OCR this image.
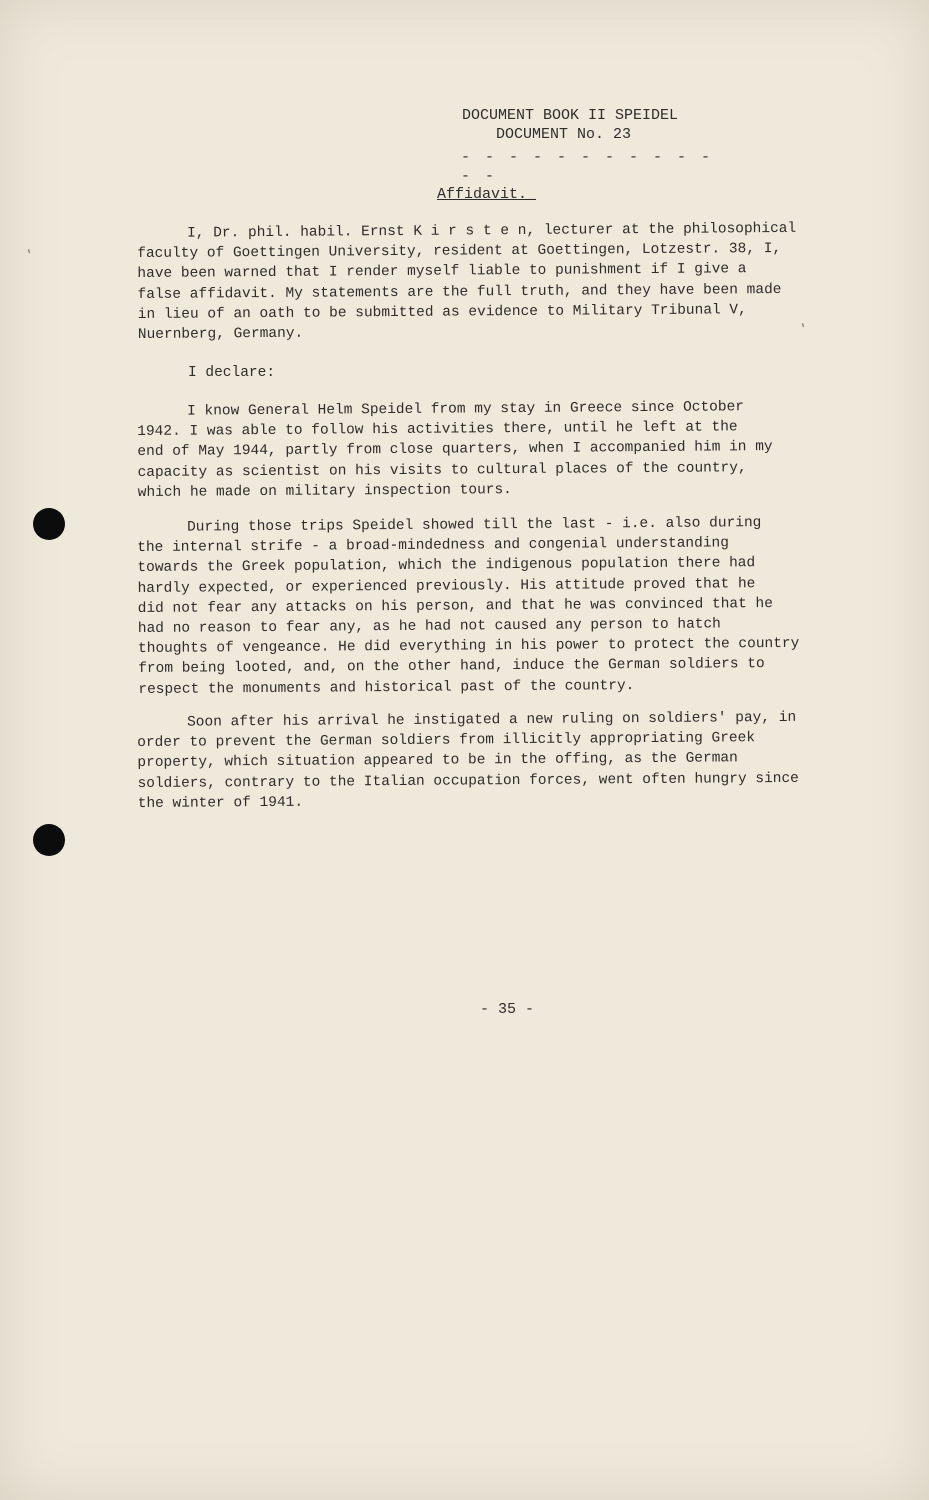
'
'
DOCUMENT BOOK II SPEIDEL
DOCUMENT No. 23
- - - - - - - - - - - - -
Affidavit._
I, Dr. phil. habil. Ernst K i r s t e n, lecturer at the philosophical
faculty of Goettingen University, resident at Goettingen, Lotzestr. 38, I,
have been warned that I render myself liable to punishment if I give a
false affidavit. My statements are the full truth, and they have been made
in lieu of an oath to be submitted as evidence to Military Tribunal V,
Nuernberg, Germany.
I declare:
I know General Helm Speidel from my stay in Greece since October
1942. I was able to follow his activities there, until he left at the
end of May 1944, partly from close quarters, when I accompanied him in my
capacity as scientist on his visits to cultural places of the country,
which he made on military inspection tours.
During those trips Speidel showed till the last - i.e. also during
the internal strife - a broad-mindedness and congenial understanding
towards the Greek population, which the indigenous population there had
hardly expected, or experienced previously. His attitude proved that he
did not fear any attacks on his person, and that he was convinced that he
had no reason to fear any, as he had not caused any person to hatch
thoughts of vengeance. He did everything in his power to protect the country
from being looted, and, on the other hand, induce the German soldiers to
respect the monuments and historical past of the country.
Soon after his arrival he instigated a new ruling on soldiers' pay, in
order to prevent the German soldiers from illicitly appropriating Greek
property, which situation appeared to be in the offing, as the German
soldiers, contrary to the Italian occupation forces, went often hungry since
the winter of 1941.
- 35 -
